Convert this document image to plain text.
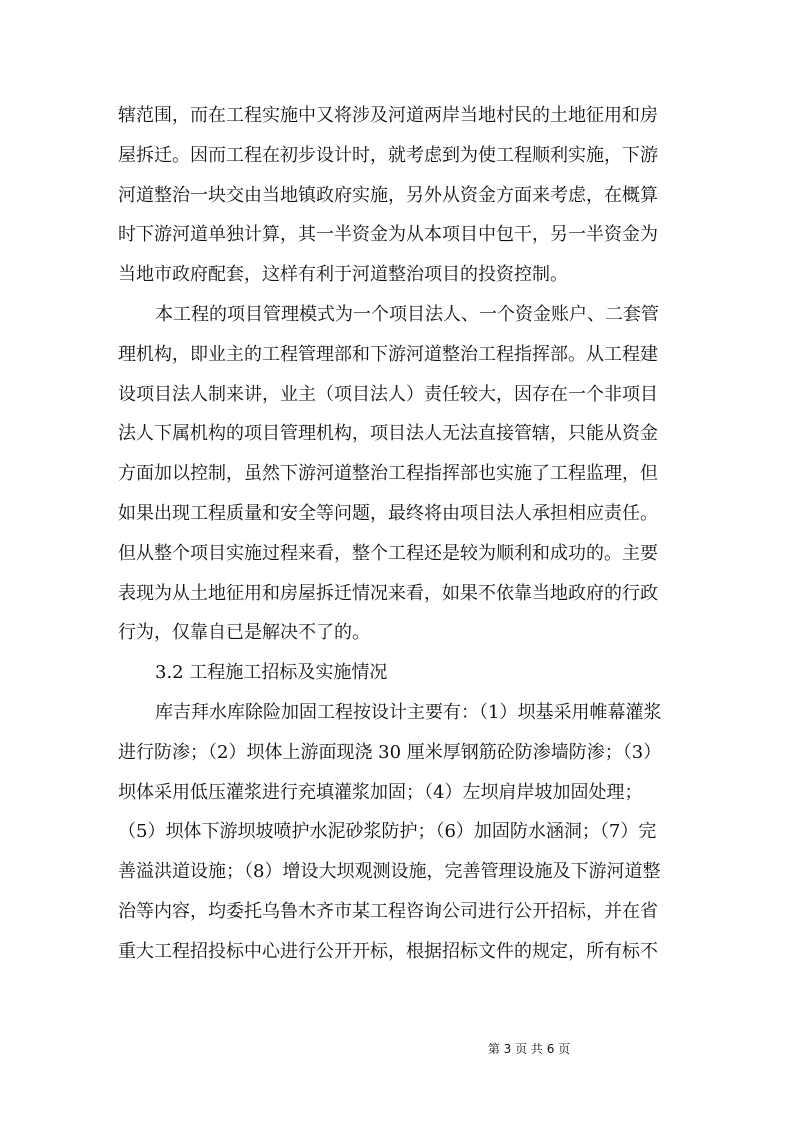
辖范围，而在工程实施中又将涉及河道两岸当地村民的土地征用和房
屋拆迁。因而工程在初步设计时，就考虑到为使工程顺利实施，下游
河道整治一块交由当地镇政府实施，另外从资金方面来考虑，在概算
时下游河道单独计算，其一半资金为从本项目中包干，另一半资金为
当地市政府配套，这样有利于河道整治项目的投资控制。
本工程的项目管理模式为一个项目法人、一个资金账户、二套管
理机构，即业主的工程管理部和下游河道整治工程指挥部。从工程建
设项目法人制来讲，业主（项目法人）责任较大，因存在一个非项目
法人下属机构的项目管理机构，项目法人无法直接管辖，只能从资金
方面加以控制，虽然下游河道整治工程指挥部也实施了工程监理，但
如果出现工程质量和安全等问题，最终将由项目法人承担相应责任。
但从整个项目实施过程来看，整个工程还是较为顺利和成功的。主要
表现为从土地征用和房屋拆迁情况来看，如果不依靠当地政府的行政
行为，仅靠自已是解决不了的。
3.2 工程施工招标及实施情况
库吉拜水库除险加固工程按设计主要有：（1）坝基采用帷幕灌浆
进行防渗；（2）坝体上游面现浇 30 厘米厚钢筋砼防渗墙防渗；（3）
坝体采用低压灌浆进行充填灌浆加固；（4）左坝肩岸坡加固处理；
（5）坝体下游坝坡喷护水泥砂浆防护；（6）加固防水涵洞；（7）完
善溢洪道设施；（8）增设大坝观测设施，完善管理设施及下游河道整
治等内容，均委托乌鲁木齐市某工程咨询公司进行公开招标，并在省
重大工程招投标中心进行公开开标，根据招标文件的规定，所有标不
第 3 页 共 6 页
